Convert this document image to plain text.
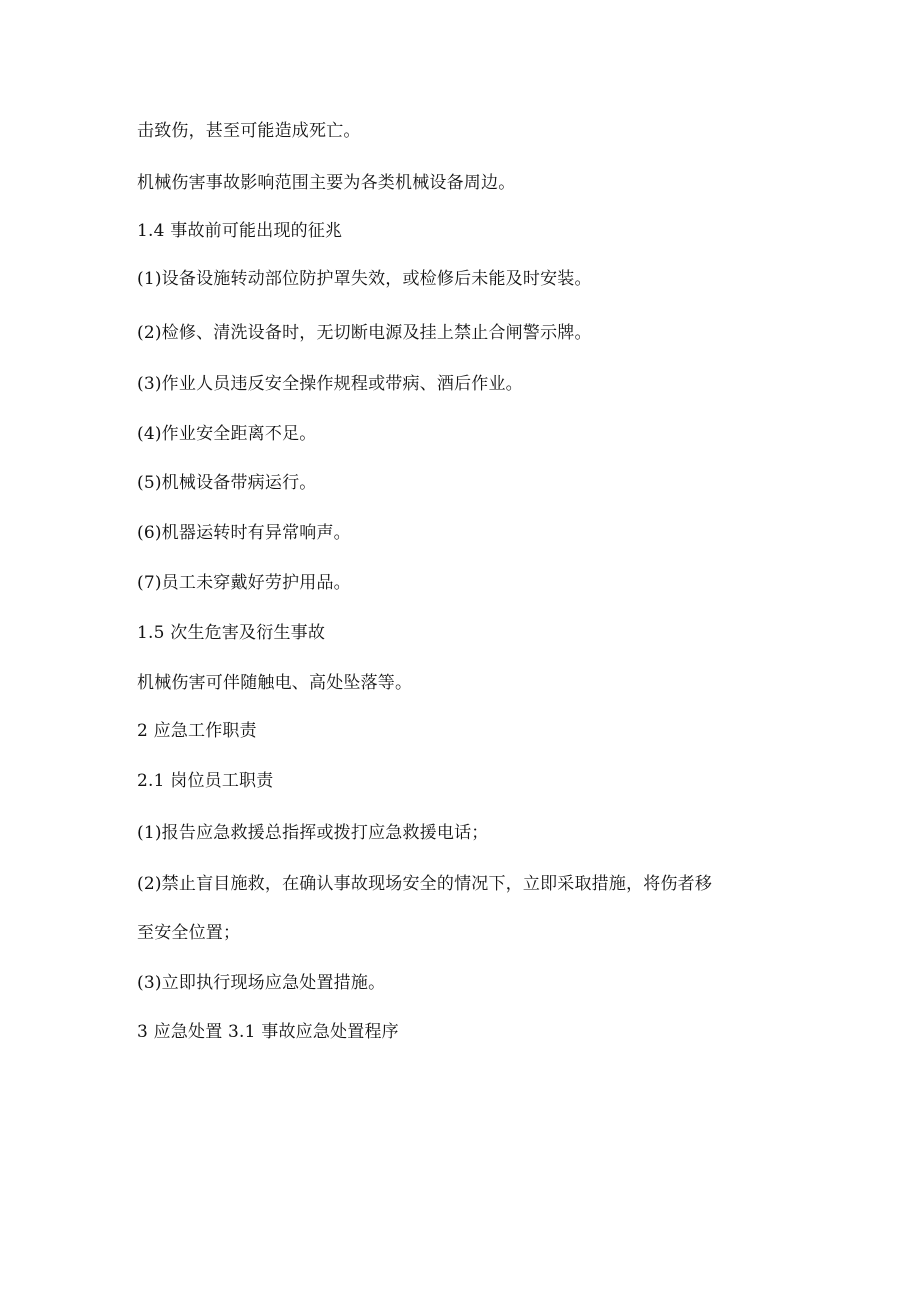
击致伤，甚至可能造成死亡。
机械伤害事故影响范围主要为各类机械设备周边。
1.4 事故前可能出现的征兆
(1)设备设施转动部位防护罩失效，或检修后未能及时安装。
(2)检修、清洗设备时，无切断电源及挂上禁止合闸警示牌。
(3)作业人员违反安全操作规程或带病、酒后作业。
(4)作业安全距离不足。
(5)机械设备带病运行。
(6)机器运转时有异常响声。
(7)员工未穿戴好劳护用品。
1.5 次生危害及衍生事故
机械伤害可伴随触电、高处坠落等。
2 应急工作职责
2.1 岗位员工职责
(1)报告应急救援总指挥或拨打应急救援电话；
(2)禁止盲目施救，在确认事故现场安全的情况下，立即采取措施，将伤者移
至安全位置；
(3)立即执行现场应急处置措施。
3 应急处置 3.1 事故应急处置程序
